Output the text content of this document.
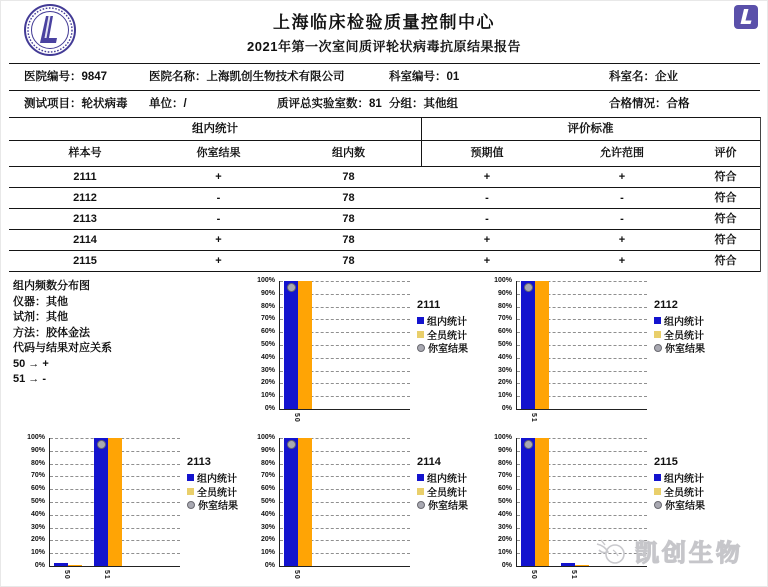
上海临床检验质量控制中心
2021年第一次室间质评轮状病毒抗原结果报告
医院编号：9847	医院名称：上海凯创生物技术有限公司	科室编号：01	科室名：企业
测试项目：轮状病毒 单位：/	质评总实验室数：81 分组：其他组	合格情况：合格
组内统计	评价标准
样本号	你室结果	组内数	预期值	允许范围	评价
2111	+	78	+	+	符合
2112	-	78	-	-	符合
2113	-	78	-	-	符合
2114	+	78	+	+	符合
2115	+	78	+	+	符合
组内频数分布图
仪器：其他
试剂：其他
方法：胶体金法
代码与结果对应关系
50 → +
51 → -
100%
90%
80%
70%
60%
50%
40%
30%
20%
10%
0%
50
2111
组内统计
全员统计
你室结果
100%
90%
80%
70%
60%
50%
40%
30%
20%
10%
0%
51
2112
组内统计
全员统计
你室结果
100%
90%
80%
70%
60%
50%
40%
30%
20%
10%
0%
50	51
2113
组内统计
全员统计
你室结果
100%
90%
80%
70%
60%
50%
40%
30%
20%
10%
0%
50
2114
组内统计
全员统计
你室结果
100%
90%
80%
70%
60%
50%
40%
30%
20%
10%
0%
50	51
2115
组内统计
全员统计
你室结果
凯创生物
